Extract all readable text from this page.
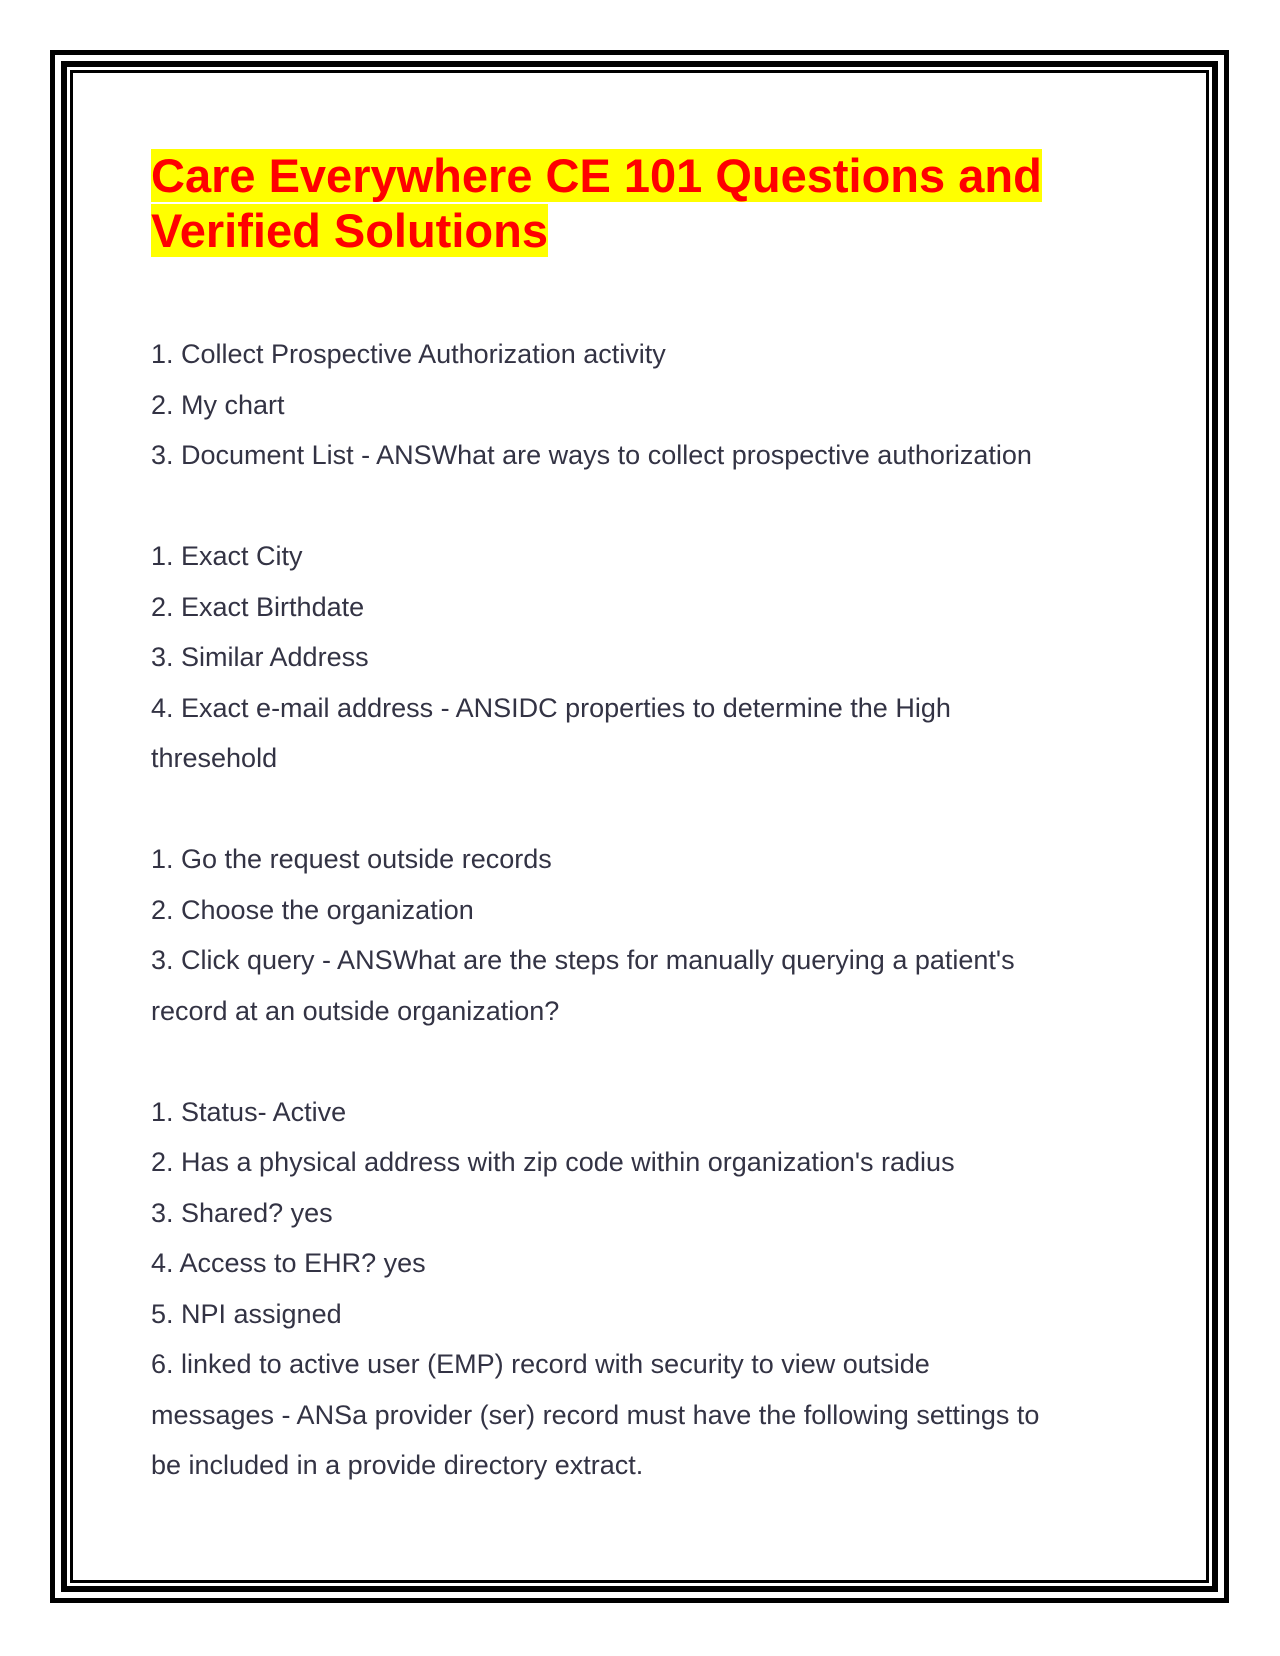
Care Everywhere CE 101 Questions and
Verified Solutions
1. Collect Prospective Authorization activity
2. My chart
3. Document List - ANSWhat are ways to collect prospective authorization
1. Exact City
2. Exact Birthdate
3. Similar Address
4. Exact e-mail address - ANSIDC properties to determine the High
thresehold
1. Go the request outside records
2. Choose the organization
3. Click query - ANSWhat are the steps for manually querying a patient's
record at an outside organization?
1. Status- Active
2. Has a physical address with zip code within organization's radius
3. Shared? yes
4. Access to EHR? yes
5. NPI assigned
6. linked to active user (EMP) record with security to view outside
messages - ANSa provider (ser) record must have the following settings to
be included in a provide directory extract.
